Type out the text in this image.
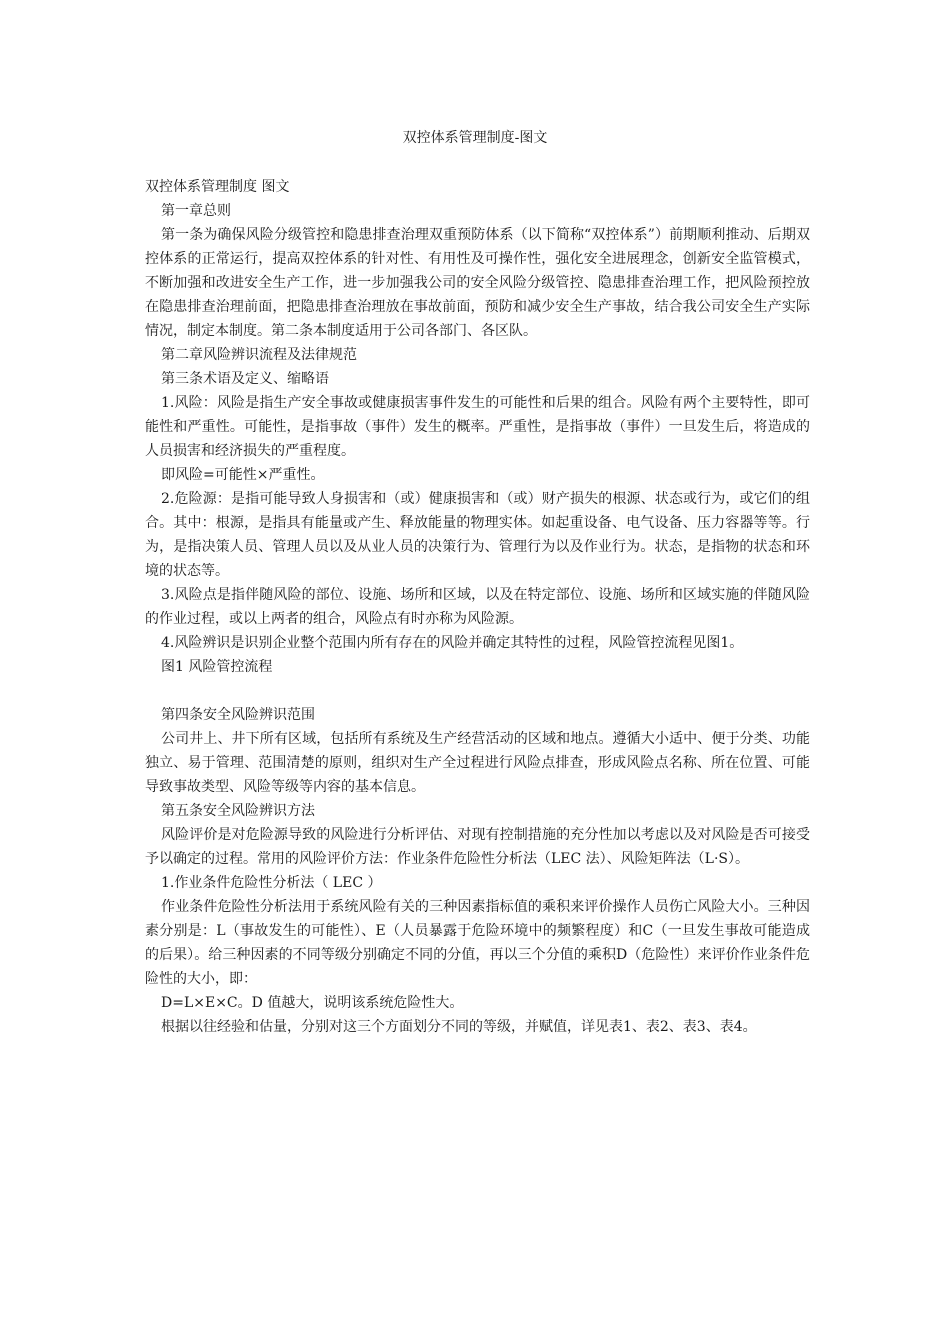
双控体系管理制度-图文

双控体系管理制度 图文

第一章总则

第一条为确保风险分级管控和隐患排查治理双重预防体系（以下简称“双控体系”）前期顺利推动、后期双控体系的正常运行，提高双控体系的针对性、有用性及可操作性，强化安全进展理念，创新安全监管模式，不断加强和改进安全生产工作，进一步加强我公司的安全风险分级管控、隐患排查治理工作，把风险预控放在隐患排查治理前面，把隐患排查治理放在事故前面，预防和减少安全生产事故，结合我公司安全生产实际情况，制定本制度。第二条本制度适用于公司各部门、各区队。

第二章风险辨识流程及法律规范

第三条术语及定义、缩略语

1.风险：风险是指生产安全事故或健康损害事件发生的可能性和后果的组合。风险有两个主要特性，即可能性和严重性。可能性，是指事故（事件）发生的概率。严重性，是指事故（事件）一旦发生后，将造成的人员损害和经济损失的严重程度。

即风险=可能性×严重性。

2.危险源：是指可能导致人身损害和（或）健康损害和（或）财产损失的根源、状态或行为，或它们的组合。其中：根源，是指具有能量或产生、释放能量的物理实体。如起重设备、电气设备、压力容器等等。行为，是指决策人员、管理人员以及从业人员的决策行为、管理行为以及作业行为。状态，是指物的状态和环境的状态等。

3.风险点是指伴随风险的部位、设施、场所和区域，以及在特定部位、设施、场所和区域实施的伴随风险的作业过程，或以上两者的组合，风险点有时亦称为风险源。

4.风险辨识是识别企业整个范围内所有存在的风险并确定其特性的过程，风险管控流程见图1。

图1 风险管控流程

第四条安全风险辨识范围

公司井上、井下所有区域，包括所有系统及生产经营活动的区域和地点。遵循大小适中、便于分类、功能独立、易于管理、范围清楚的原则，组织对生产全过程进行风险点排查，形成风险点名称、所在位置、可能导致事故类型、风险等级等内容的基本信息。

第五条安全风险辨识方法

风险评价是对危险源导致的风险进行分析评估、对现有控制措施的充分性加以考虑以及对风险是否可接受予以确定的过程。常用的风险评价方法：作业条件危险性分析法（LEC 法）、风险矩阵法（L·S）。

1.作业条件危险性分析法（ LEC ）

作业条件危险性分析法用于系统风险有关的三种因素指标值的乘积来评价操作人员伤亡风险大小。三种因素分别是：L（事故发生的可能性）、E（人员暴露于危险环境中的频繁程度）和C（一旦发生事故可能造成的后果）。给三种因素的不同等级分别确定不同的分值，再以三个分值的乘积D（危险性）来评价作业条件危险性的大小，即：

D=L×E×C。D 值越大，说明该系统危险性大。

根据以往经验和估量，分别对这三个方面划分不同的等级，并赋值，详见表1、表2、表3、表4。
